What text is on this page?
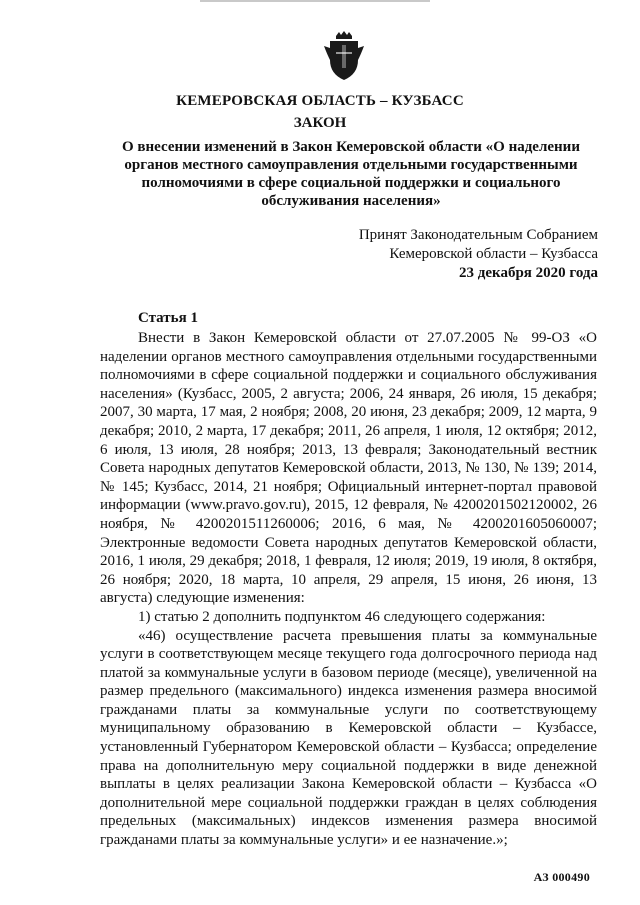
КЕМЕРОВСКАЯ ОБЛАСТЬ – КУЗБАСС
ЗАКОН
О внесении изменений в Закон Кемеровской области «О наделении органов местного самоуправления отдельными государственными полномочиями в сфере социальной поддержки и социального обслуживания населения»
Принят Законодательным Собранием
Кемеровской области – Кузбасса
23 декабря 2020 года
Статья 1

Внести в Закон Кемеровской области от 27.07.2005 № 99-ОЗ «О наделении органов местного самоуправления отдельными государственными полномочиями в сфере социальной поддержки и социального обслуживания населения» (Кузбасс, 2005, 2 августа; 2006, 24 января, 26 июля, 15 декабря; 2007, 30 марта, 17 мая, 2 ноября; 2008, 20 июня, 23 декабря; 2009, 12 марта, 9 декабря; 2010, 2 марта, 17 декабря; 2011, 26 апреля, 1 июля, 12 октября; 2012, 6 июля, 13 июля, 28 ноября; 2013, 13 февраля; Законодательный вестник Совета народных депутатов Кемеровской области, 2013, № 130, № 139; 2014, № 145; Кузбасс, 2014, 21 ноября; Официальный интернет-портал правовой информации (www.pravo.gov.ru), 2015, 12 февраля, № 4200201502120002, 26 ноября, № 4200201511260006; 2016, 6 мая, № 4200201605060007; Электронные ведомости Совета народных депутатов Кемеровской области, 2016, 1 июля, 29 декабря; 2018, 1 февраля, 12 июля; 2019, 19 июля, 8 октября, 26 ноября; 2020, 18 марта, 10 апреля, 29 апреля, 15 июня, 26 июня, 13 августа) следующие изменения:

1) статью 2 дополнить подпунктом 46 следующего содержания:

«46) осуществление расчета превышения платы за коммунальные услуги в соответствующем месяце текущего года долгосрочного периода над платой за коммунальные услуги в базовом периоде (месяце), увеличенной на размер предельного (максимального) индекса изменения размера вносимой гражданами платы за коммунальные услуги по соответствующему муниципальному образованию в Кемеровской области – Кузбассе, установленный Губернатором Кемеровской области – Кузбасса; определение права на дополнительную меру социальной поддержки в виде денежной выплаты в целях реализации Закона Кемеровской области – Кузбасса «О дополнительной мере социальной поддержки граждан в целях соблюдения предельных (максимальных) индексов изменения размера вносимой гражданами платы за коммунальные услуги» и ее назначение.»;

АЗ 000490
